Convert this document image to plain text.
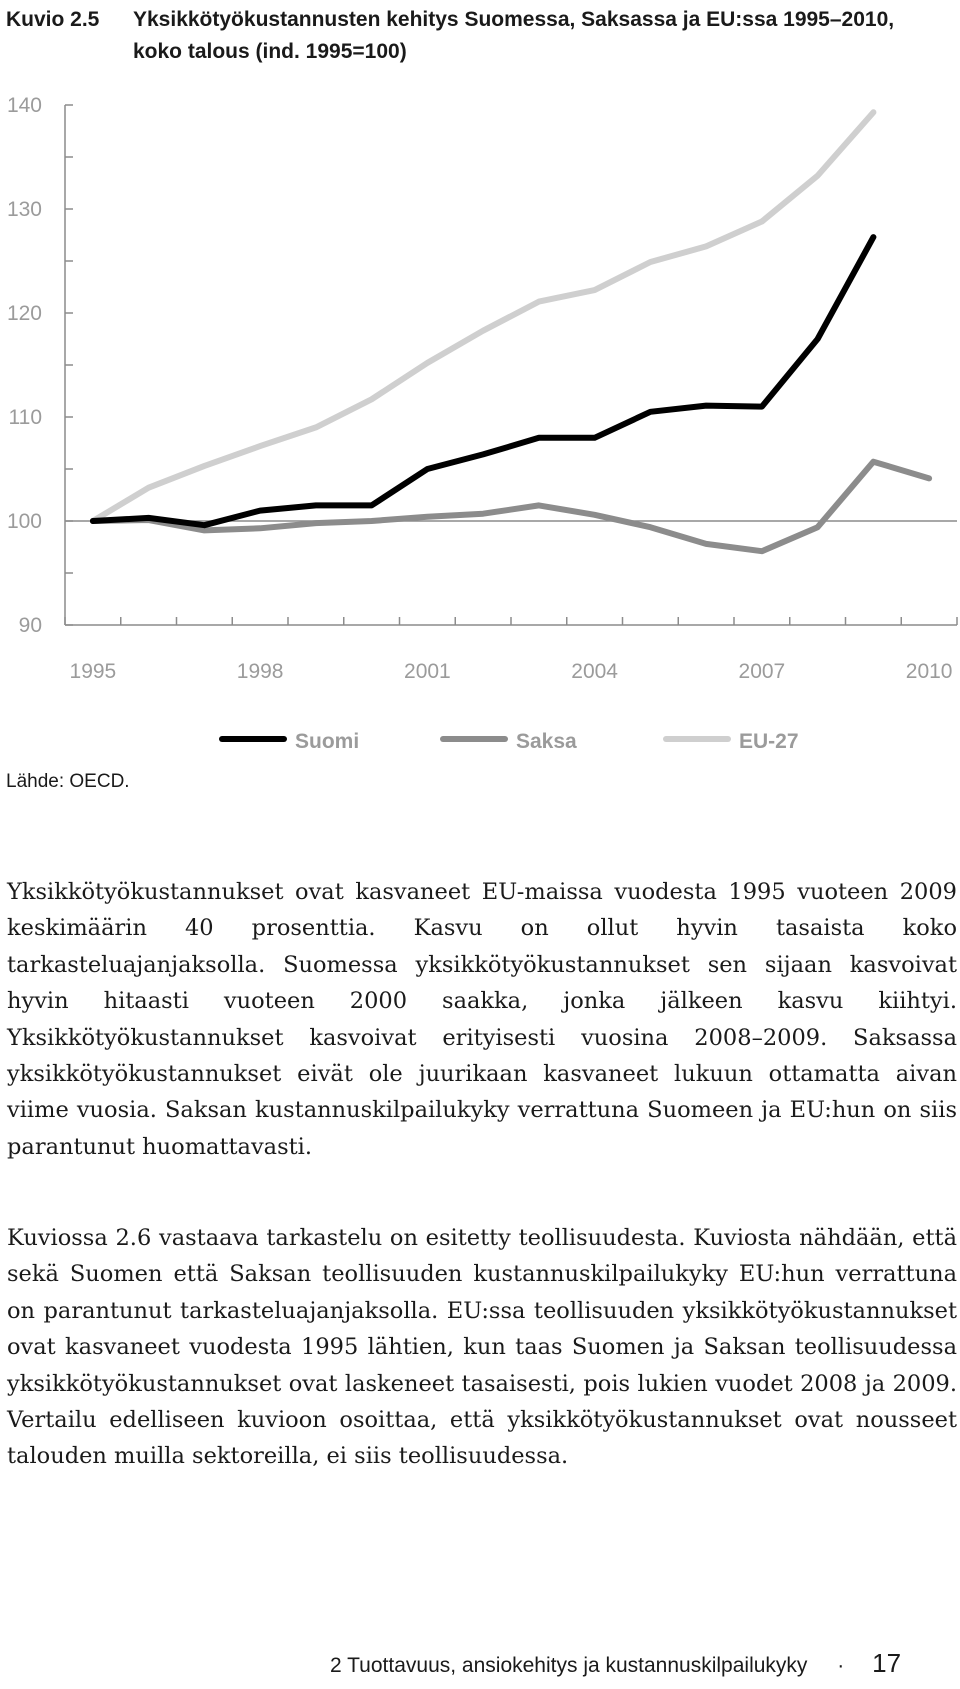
Kuvio 2.5 Yksikkötyökustannusten kehitys Suomessa, Saksassa ja EU:ssa 1995–2010,
koko talous (ind. 1995=100)
90
100
110
120
130
140
1995	1998	2001	2004	2007	2010
Suomi	Saksa	EU-27
Lähde: OECD.

Yksikkötyökustannukset ovat kasvaneet EU-maissa vuodesta 1995 vuoteen 2009 keskimäärin 40 prosenttia. Kasvu on ollut hyvin tasaista koko tarkasteluajanjaksolla. Suomessa yksikkötyökustannukset sen sijaan kasvoivat hyvin hitaasti vuoteen 2000 saakka, jonka jälkeen kasvu kiihtyi. Yksikkötyökustannukset kasvoivat erityisesti vuosina 2008–2009. Saksassa yksikkötyökustannukset eivät ole juurikaan kasvaneet lukuun ottamatta aivan viime vuosia. Saksan kustannuskilpailukyky verrattuna Suomeen ja EU:hun on siis parantunut huomattavasti.

Kuviossa 2.6 vastaava tarkastelu on esitetty teollisuudesta. Kuviosta nähdään, että sekä Suomen että Saksan teollisuuden kustannuskilpailukyky EU:hun verrattuna on parantunut tarkasteluajanjaksolla. EU:ssa teollisuuden yksikkötyökustannukset ovat kasvaneet vuodesta 1995 lähtien, kun taas Suomen ja Saksan teollisuudessa yksikkötyökustannukset ovat laskeneet tasaisesti, pois lukien vuodet 2008 ja 2009. Vertailu edelliseen kuvioon osoittaa, että yksikkötyökustannukset ovat nousseet talouden muilla sektoreilla, ei siis teollisuudessa.

2 Tuottavuus, ansiokehitys ja kustannuskilpailukyky · 17
